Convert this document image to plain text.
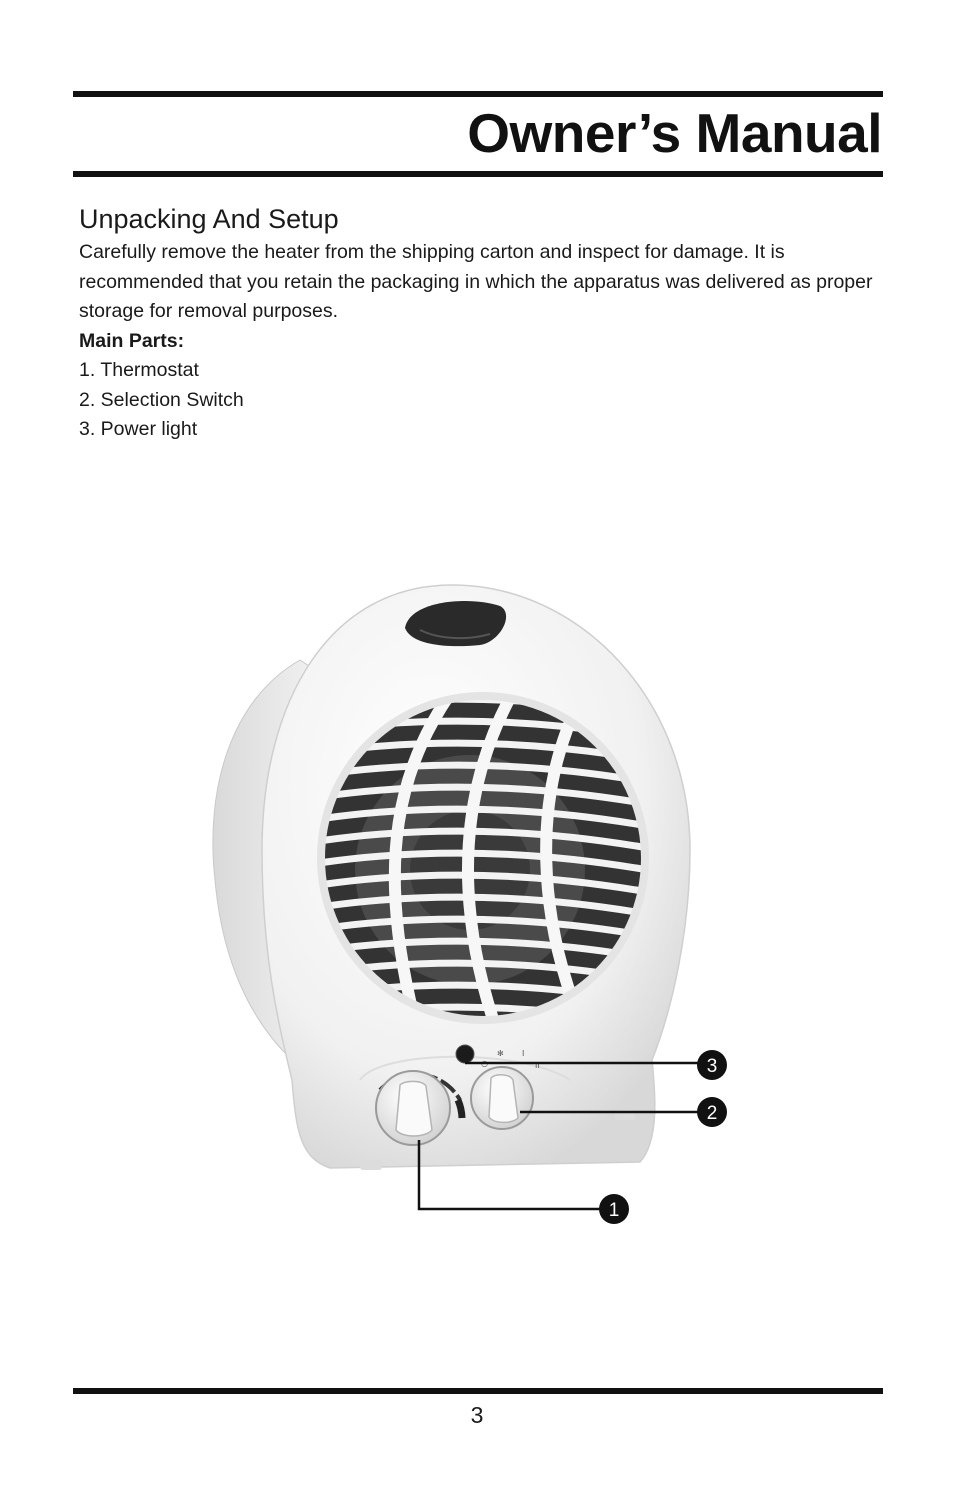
Owner’s Manual
Unpacking And Setup

Carefully remove the heater from the shipping carton and inspect for damage. It is recommended that you retain the packaging in which the apparatus was delivered as proper storage for removal purposes.

Main Parts:

1. Thermostat
2. Selection Switch
3. Power light
○
✻ I
II	3
2
1
3
